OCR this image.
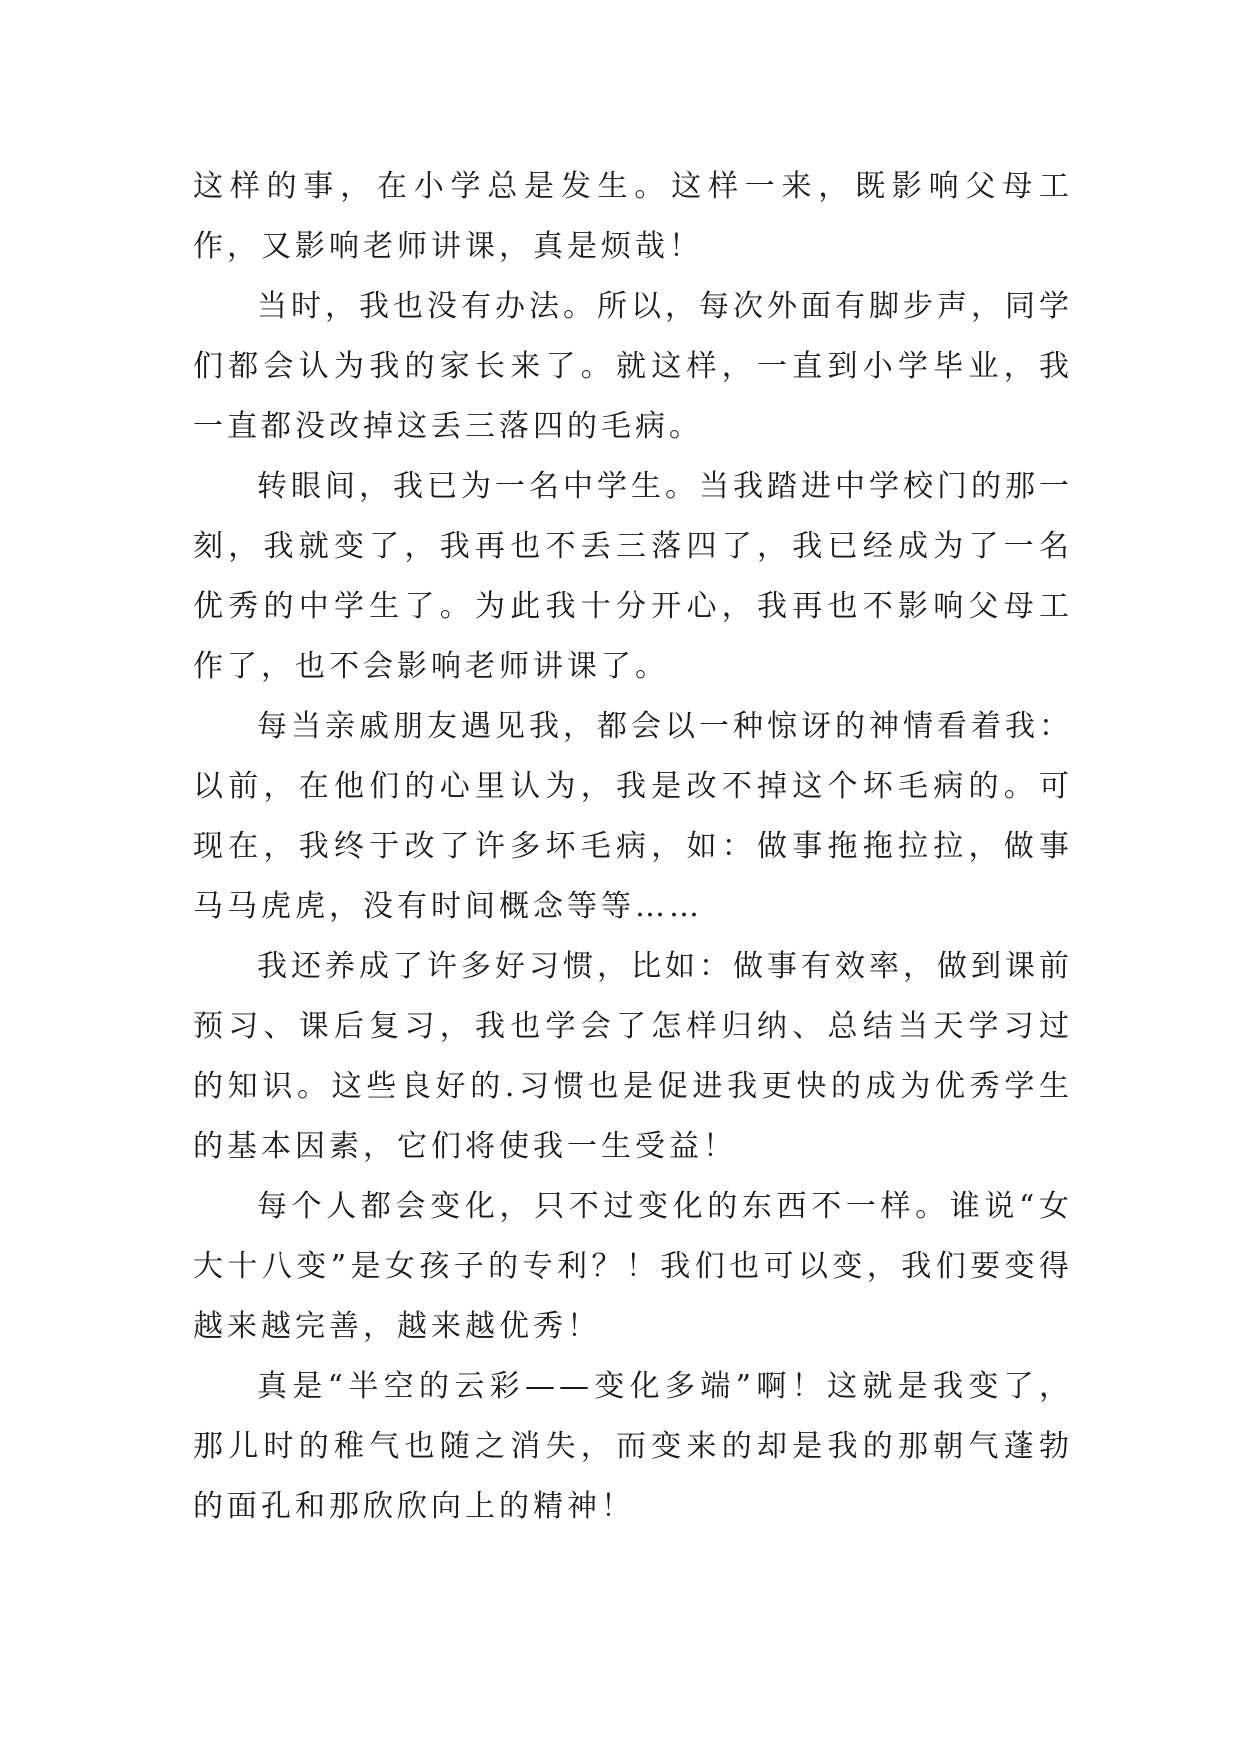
这样的事，在小学总是发生。这样一来，既影响父母工作，又影响老师讲课，真是烦哉！

当时，我也没有办法。所以，每次外面有脚步声，同学们都会认为我的家长来了。就这样，一直到小学毕业，我一直都没改掉这丢三落四的毛病。

转眼间，我已为一名中学生。当我踏进中学校门的那一刻，我就变了，我再也不丢三落四了，我已经成为了一名优秀的中学生了。为此我十分开心，我再也不影响父母工作了，也不会影响老师讲课了。

每当亲戚朋友遇见我，都会以一种惊讶的神情看着我：以前，在他们的心里认为，我是改不掉这个坏毛病的。可现在，我终于改了许多坏毛病，如：做事拖拖拉拉，做事马马虎虎，没有时间概念等等……

我还养成了许多好习惯，比如：做事有效率，做到课前预习、课后复习，我也学会了怎样归纳、总结当天学习过的知识。这些良好的.习惯也是促进我更快的成为优秀学生的基本因素，它们将使我一生受益！

每个人都会变化，只不过变化的东西不一样。谁说“女大十八变”是女孩子的专利？！我们也可以变，我们要变得越来越完善，越来越优秀！

真是“半空的云彩——变化多端”啊！这就是我变了，那儿时的稚气也随之消失，而变来的却是我的那朝气蓬勃的面孔和那欣欣向上的精神！
